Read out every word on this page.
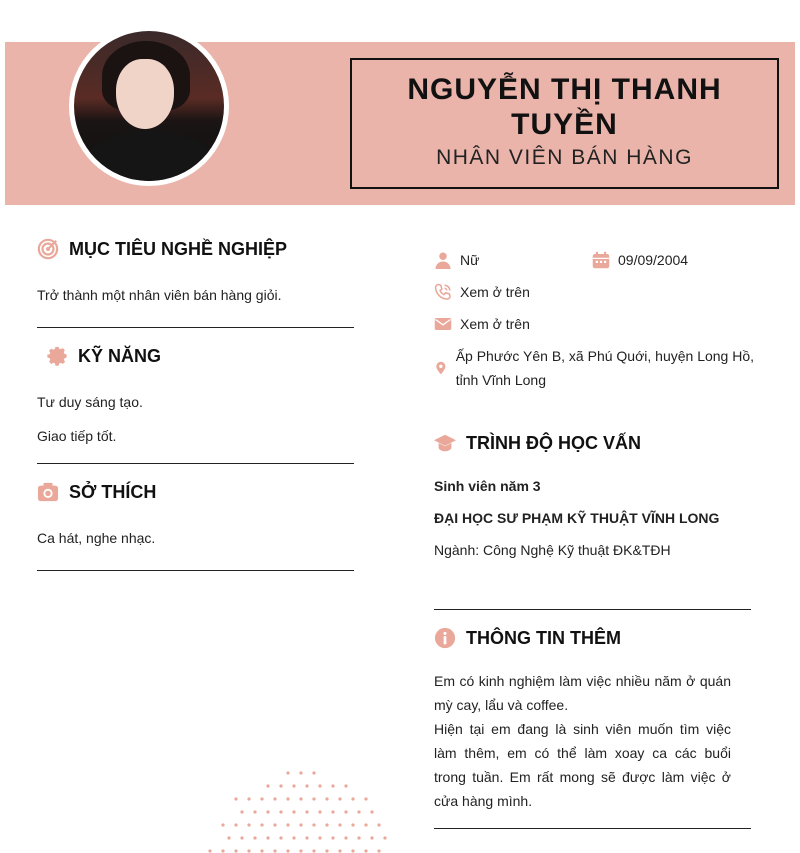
NGUYỄN THỊ THANH TUYỀN
NHÂN VIÊN BÁN HÀNG
MỤC TIÊU NGHỀ NGHIỆP
Trở thành một nhân viên bán hàng giỏi.
KỸ NĂNG
Tư duy sáng tạo.
Giao tiếp tốt.
SỞ THÍCH
Ca hát, nghe nhạc.
Nữ	09/09/2004
Xem ở trên
Xem ở trên
Ấp Phước Yên B, xã Phú Quới, huyện Long Hồ, tỉnh Vĩnh Long
TRÌNH ĐỘ HỌC VẤN
Sinh viên năm 3
ĐẠI HỌC SƯ PHẠM KỸ THUẬT VĨNH LONG
Ngành: Công Nghệ Kỹ thuật ĐK&TĐH
THÔNG TIN THÊM
Em có kinh nghiệm làm việc nhiều năm ở quán mỳ cay, lẩu và coffee.
Hiện tại em đang là sinh viên muốn tìm việc làm thêm, em có thể làm xoay ca các buổi trong tuần. Em rất mong sẽ được làm việc ở cửa hàng mình.
